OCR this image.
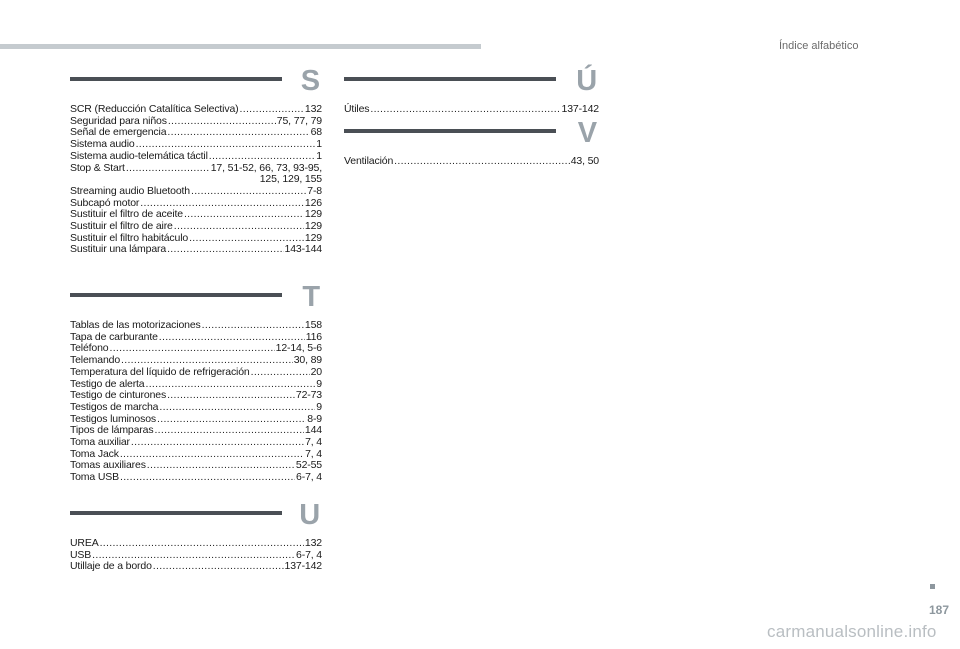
Índice alfabético
S
SCR (Reducción Catalítica Selectiva) .....	132
Seguridad para niños .....	75, 77, 79
Señal de emergencia .....	68
Sistema audio .....	1
Sistema audio-telemática táctil .....	1
Stop & Start .....	17, 51-52, 66, 73, 93-95,
125, 129, 155
Streaming audio Bluetooth .....	7-8
Subcapó motor .....	126
Sustituir el filtro de aceite .....	129
Sustituir el filtro de aire .....	129
Sustituir el filtro habitáculo .....	129
Sustituir una lámpara .....	143-144
T
Tablas de las motorizaciones .....	158
Tapa de carburante .....	116
Teléfono .....	12-14, 5-6
Telemando .....	30, 89
Temperatura del líquido de refrigeración .....	20
Testigo de alerta .....	9
Testigo de cinturones .....	72-73
Testigos de marcha .....	9
Testigos luminosos .....	8-9
Tipos de lámparas .....	144
Toma auxiliar .....	7, 4
Toma Jack .....	7, 4
Tomas auxiliares .....	52-55
Toma USB .....	6-7, 4
U
UREA .....	132
USB .....	6-7, 4
Utillaje de a bordo .....	137-142
Ú
Útiles .....	137-142
V
Ventilación .....	43, 50
187
carmanualsonline.info
